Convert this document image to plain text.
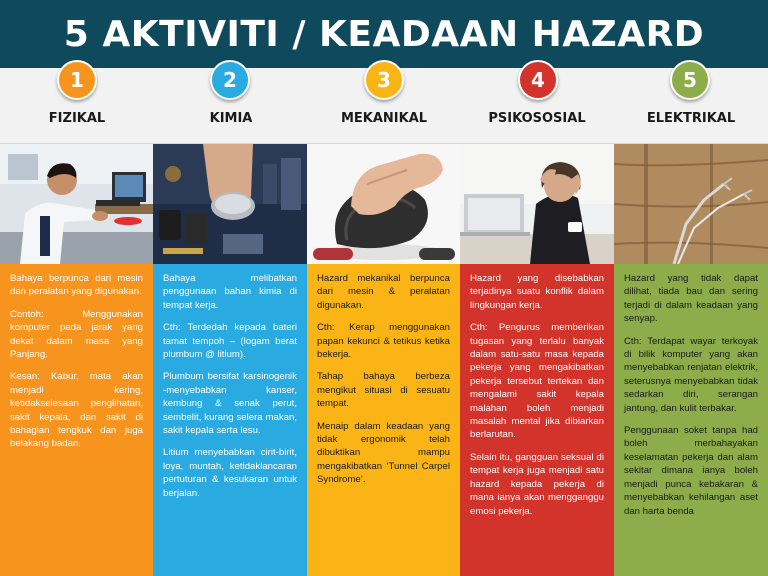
5 AKTIVITI / KEADAAN HAZARD
1
FIZIKAL
2
KIMIA
3
MEKANIKAL
4
PSIKOSOSIAL
5
ELEKTRIKAL

Bahaya berpunca dari mesin dan peralatan yang digunakan.

Contoh: Menggunakan komputer pada jarak yang dekat dalam masa yang Panjang.

Kesan: Kabur, mata akan menjadi kering, ketidakselesaan penglihatan, sakit kepala, dan sakit di bahagian tengkuk dan juga belakang badan.

Bahaya melibatkan penggunaan bahan kimia di tempat kerja.

Cth: Terdedah kepada bateri tamat tempoh – (logam berat plumbum @ litium).

Plumbum bersifat karsinogenik -menyebabkan kanser, kembung & senak perut, sembelit, kurang selera makan, sakit kepala serta lesu.

Litium menyebabkan cirit-birit, loya, muntah, ketidaklancaran pertuturan & kesukaran untuk berjalan.

Hazard mekanikal berpunca dari mesin & peralatan digunakan.

Cth: Kerap menggunakan papan kekunci & tetikus ketika bekerja.

Tahap bahaya berbeza mengikut situasi di sesuatu tempat.

Menaip dalam keadaan yang tidak ergonomik telah dibuktikan mampu mengakibatkan ‘Tunnel Carpel Syndrome’.

Hazard yang disebabkan terjadinya suatu konflik dalam lingkungan kerja.

Cth: Pengurus memberikan tugasan yang terlalu banyak dalam satu-satu masa kepada pekerja yang mengakibatkan pekerja tersebut tertekan dan mengalami sakit kepala malahan boleh menjadi masalah mental jika dibiarkan berlarutan.

Selain itu, gangguan seksual di tempat kerja juga menjadi satu hazard kepada pekerja di mana ianya akan mengganggu emosi pekerja.

Hazard yang tidak dapat dilihat, tiada bau dan sering terjadi di dalam keadaan yang senyap.

Cth: Terdapat wayar terkoyak di bilik komputer yang akan menyebabkan renjatan elektrik, seterusnya menyebabkan tidak sedarkan diri, serangan jantung, dan kulit terbakar.

Penggunaan soket tanpa had boleh merbahayakan keselamatan pekerja dan alam sekitar dimana ianya boleh menjadi punca kebakaran & menyebabkan kehilangan aset dan harta benda
